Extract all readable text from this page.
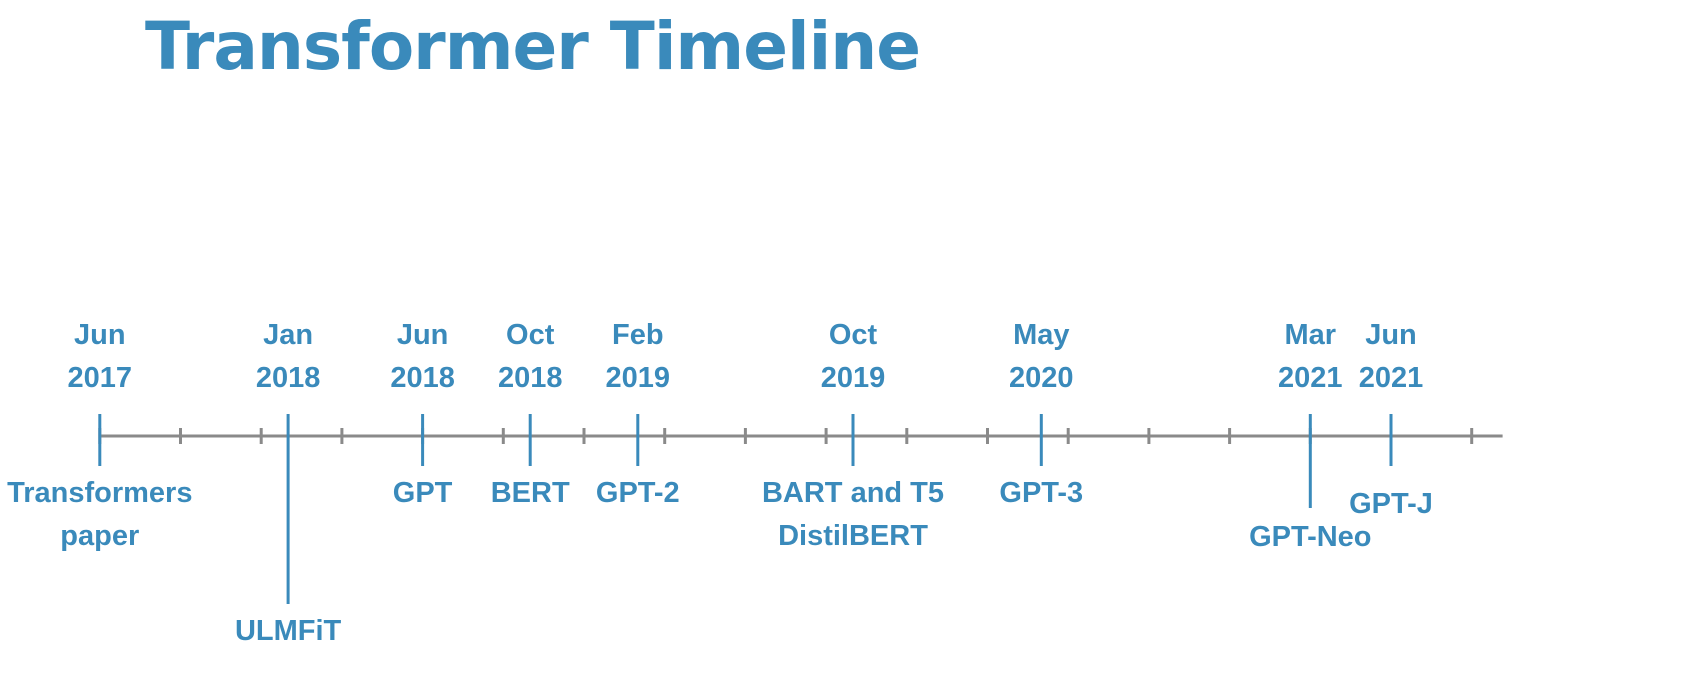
Transformer Timeline
Jun
2017
Transformers
paper
Jan
2018
ULMFiT
Jun
2018
GPT
Oct
2018
BERT
Feb
2019
GPT-2
Oct
2019
BART and T5
DistilBERT
May
2020
GPT-3
Mar
2021
GPT-Neo
Jun
2021
GPT-J
